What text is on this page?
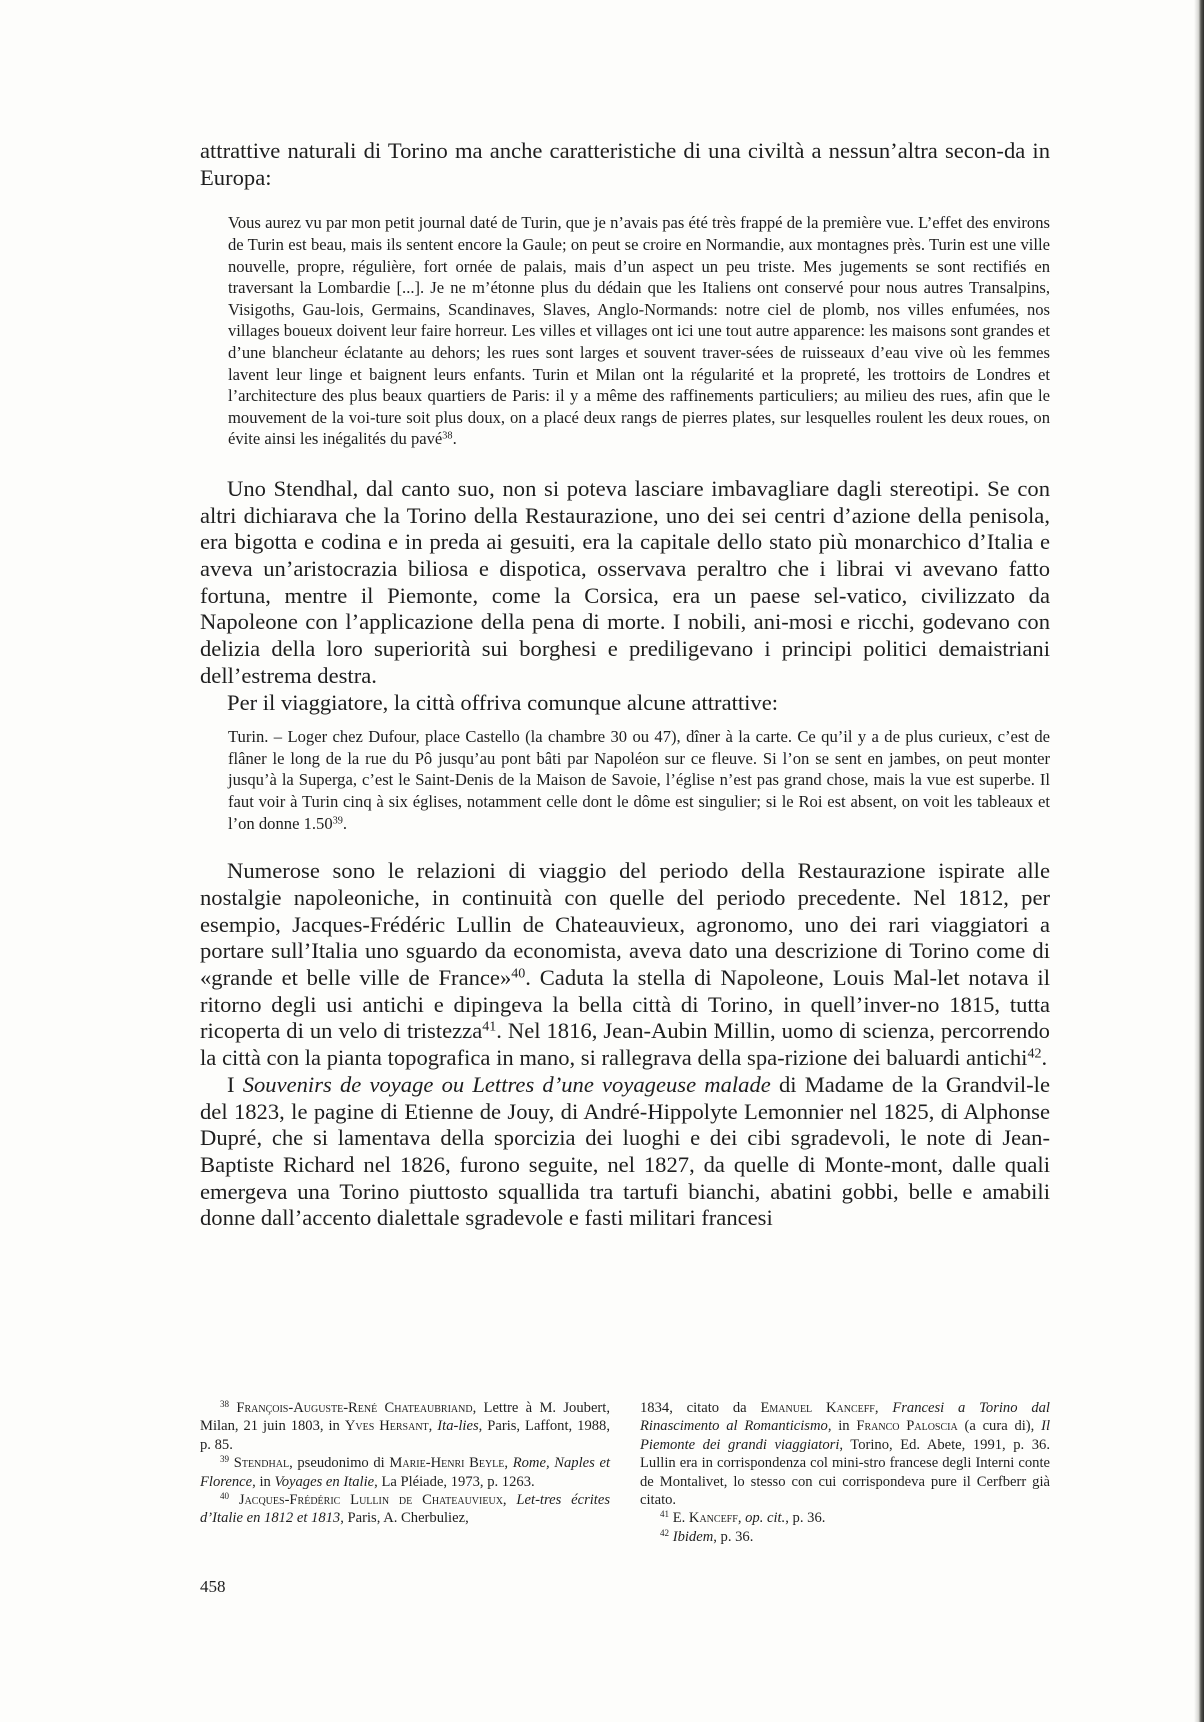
attrattive naturali di Torino ma anche caratteristiche di una civiltà a nessun’altra secon-da in Europa:

Vous aurez vu par mon petit journal daté de Turin, que je n’avais pas été très frappé de la première vue. L’effet des environs de Turin est beau, mais ils sentent encore la Gaule; on peut se croire en Normandie, aux montagnes près. Turin est une ville nouvelle, propre, régulière, fort ornée de palais, mais d’un aspect un peu triste. Mes jugements se sont rectifiés en traversant la Lombardie [...]. Je ne m’étonne plus du dédain que les Italiens ont conservé pour nous autres Transalpins, Visigoths, Gau-lois, Germains, Scandinaves, Slaves, Anglo-Normands: notre ciel de plomb, nos villes enfumées, nos villages boueux doivent leur faire horreur. Les villes et villages ont ici une tout autre apparence: les maisons sont grandes et d’une blancheur éclatante au dehors; les rues sont larges et souvent traver-sées de ruisseaux d’eau vive où les femmes lavent leur linge et baignent leurs enfants. Turin et Milan ont la régularité et la propreté, les trottoirs de Londres et l’architecture des plus beaux quartiers de Paris: il y a même des raffinements particuliers; au milieu des rues, afin que le mouvement de la voi-ture soit plus doux, on a placé deux rangs de pierres plates, sur lesquelles roulent les deux roues, on évite ainsi les inégalités du pavé$^{38}$.

Uno Stendhal, dal canto suo, non si poteva lasciare imbavagliare dagli stereotipi. Se con altri dichiarava che la Torino della Restaurazione, uno dei sei centri d’azione della penisola, era bigotta e codina e in preda ai gesuiti, era la capitale dello stato più monarchico d’Italia e aveva un’aristocrazia biliosa e dispotica, osservava peraltro che i librai vi avevano fatto fortuna, mentre il Piemonte, come la Corsica, era un paese sel-vatico, civilizzato da Napoleone con l’applicazione della pena di morte. I nobili, ani-mosi e ricchi, godevano con delizia della loro superiorità sui borghesi e prediligevano i principi politici demaistriani dell’estrema destra.

Per il viaggiatore, la città offriva comunque alcune attrattive:

Turin. – Loger chez Dufour, place Castello (la chambre 30 ou 47), dîner à la carte. Ce qu’il y a de plus curieux, c’est de flâner le long de la rue du Pô jusqu’au pont bâti par Napoléon sur ce fleuve. Si l’on se sent en jambes, on peut monter jusqu’à la Superga, c’est le Saint-Denis de la Maison de Savoie, l’église n’est pas grand chose, mais la vue est superbe. Il faut voir à Turin cinq à six églises, notamment celle dont le dôme est singulier; si le Roi est absent, on voit les tableaux et l’on donne 1.50$^{39}$.

Numerose sono le relazioni di viaggio del periodo della Restaurazione ispirate alle nostalgie napoleoniche, in continuità con quelle del periodo precedente. Nel 1812, per esempio, Jacques-Frédéric Lullin de Chateauvieux, agronomo, uno dei rari viaggiatori a portare sull’Italia uno sguardo da economista, aveva dato una descrizione di Torino come di «grande et belle ville de France»$^{40}$. Caduta la stella di Napoleone, Louis Mal-let notava il ritorno degli usi antichi e dipingeva la bella città di Torino, in quell’inver-no 1815, tutta ricoperta di un velo di tristezza$^{41}$. Nel 1816, Jean-Aubin Millin, uomo di scienza, percorrendo la città con la pianta topografica in mano, si rallegrava della spa-rizione dei baluardi antichi$^{42}$.

I Souvenirs de voyage ou Lettres d’une voyageuse malade di Madame de la Grandvil-le del 1823, le pagine di Etienne de Jouy, di André-Hippolyte Lemonnier nel 1825, di Alphonse Dupré, che si lamentava della sporcizia dei luoghi e dei cibi sgradevoli, le note di Jean-Baptiste Richard nel 1826, furono seguite, nel 1827, da quelle di Monte-mont, dalle quali emergeva una Torino piuttosto squallida tra tartufi bianchi, abatini gobbi, belle e amabili donne dall’accento dialettale sgradevole e fasti militari francesi

$^{38}$ François-Auguste-René Chateaubriand, Lettre à M. Joubert, Milan, 21 juin 1803, in Yves Hersant, Ita-lies, Paris, Laffont, 1988, p. 85.

$^{39}$ Stendhal, pseudonimo di Marie-Henri Beyle, Rome, Naples et Florence, in Voyages en Italie, La Pléiade, 1973, p. 1263.

$^{40}$ Jacques-Frédéric Lullin de Chateauvieux, Let-tres écrites d’Italie en 1812 et 1813, Paris, A. Cherbuliez,

1834, citato da Emanuel Kanceff, Francesi a Torino dal Rinascimento al Romanticismo, in Franco Paloscia (a cura di), Il Piemonte dei grandi viaggiatori, Torino, Ed. Abete, 1991, p. 36. Lullin era in corrispondenza col mini-stro francese degli Interni conte de Montalivet, lo stesso con cui corrispondeva pure il Cerfberr già citato.

$^{41}$ E. Kanceff, op. cit., p. 36.

$^{42}$ Ibidem, p. 36.

458
